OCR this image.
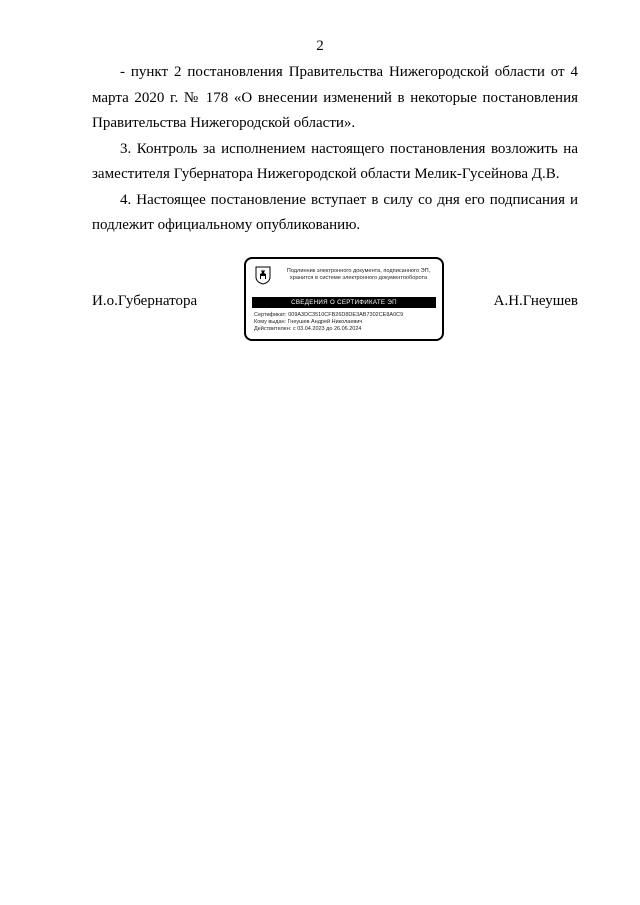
2

- пункт 2 постановления Правительства Нижегородской области от 4 марта 2020 г. № 178 «О внесении изменений в некоторые постановления Правительства Нижегородской области».

3. Контроль за исполнением настоящего постановления возложить на заместителя Губернатора Нижегородской области Мелик-Гусейнова Д.В.

4. Настоящее постановление вступает в силу со дня его подписания и подлежит официальному опубликованию.

И.о.Губернатора	А.Н.Гнеушев
Подлинник электронного документа, подписанного ЭП,
хранится в системе электронного документооборота
СВЕДЕНИЯ О СЕРТИФИКАТЕ ЭП
Сертификат: 009A3DC3510CFB26D8DE3AB7302CE8A0C9
Кому выдан: Гнеушев Андрей Николаевич
Действителен: с 03.04.2023 до 26.06.2024
